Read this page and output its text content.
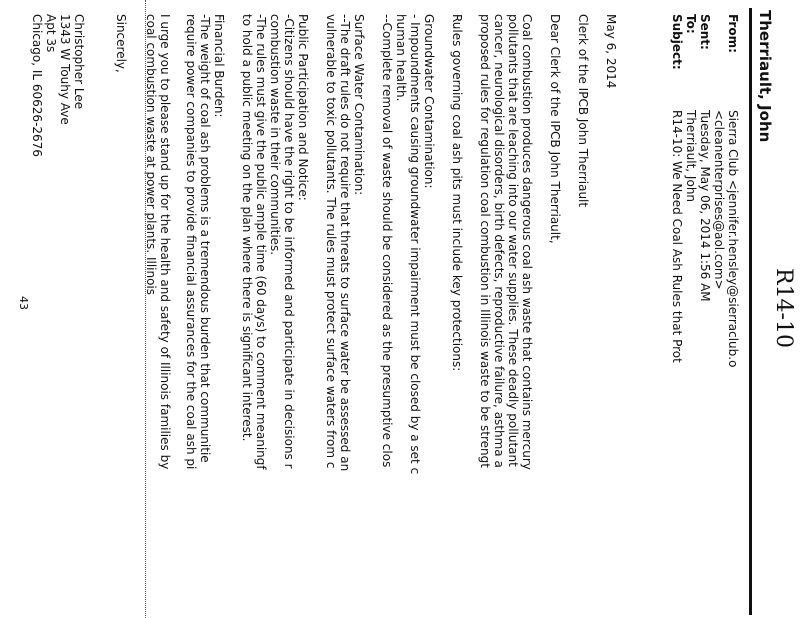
R14-10
Therriault, John
From:
Sierra Club <jennifer.hensley@sierraclub.o
<cleanenterprises@aol.com>
Sent:
Tuesday, May 06, 2014 1:56 AM
To:
Therriault, John
Subject:
R14-10: We Need Coal Ash Rules that Prot
May 6, 2014
Clerk of the IPCB John Therriault
Dear Clerk of the IPCB John Therriault,
Coal combustion produces dangerous coal ash waste that contains mercury
pollutants that are leaching into our water supplies. These deadly pollutant
cancer, neurological disorders, birth defects, reproductive failure, asthma a
proposed rules for regulation coal combustion in Illinois waste to be strengt
Rules governing coal ash pits must include key protections:
Groundwater Contamination:
- Impoundments causing groundwater impairment must be closed by a set c
human health.
--Complete removal of waste should be considered as the presumptive clos
Surface Water Contamination:
--The draft rules do not require that threats to surface water be assessed an
vulnerable to toxic pollutants. The rules must protect surface waters from c
Public Participation and Notice:
-Citizens should have the right to be informed and participate in decisions r
combustion waste in their communities.
-The rules must give the public ample time (60 days) to comment meaningf
to hold a public meeting on the plan where there is significant interest.
Financial Burden:
-The weight of coal ash problems is a tremendous burden that communitie
require power companies to provide financial assurances for the coal ash pi
I urge you to please stand up for the health and safety of Illinois families by
coal combustion waste at power plants. Illinois
Sincerely,
Christopher Lee
1343 W Touhy Ave
Apt 3s
Chicago, IL 60626-2676
43
